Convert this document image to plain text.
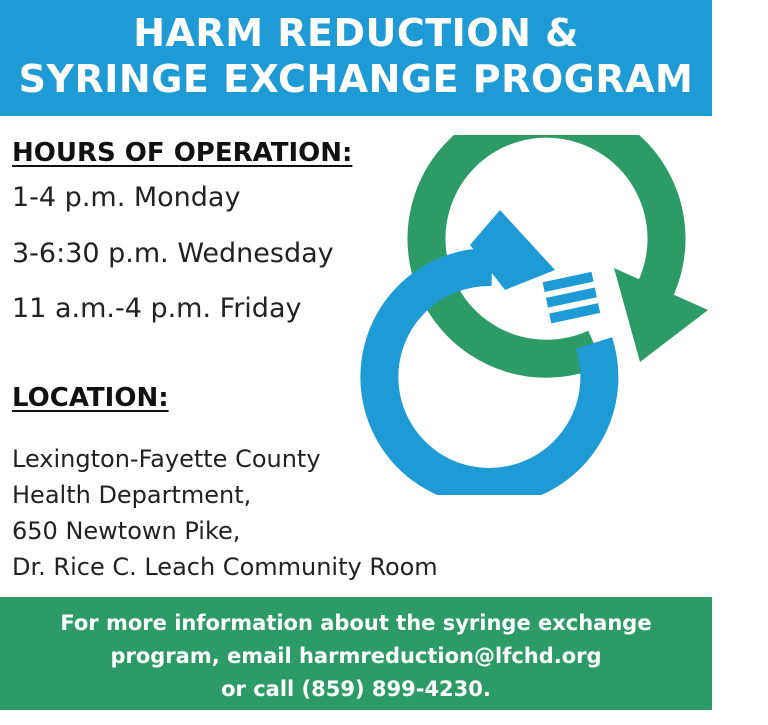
HARM REDUCTION &
SYRINGE EXCHANGE PROGRAM
HOURS OF OPERATION:
1-4 p.m. Monday
3-6:30 p.m. Wednesday
11 a.m.-4 p.m. Friday
LOCATION:
Lexington-Fayette County
Health Department,
650 Newtown Pike,
Dr. Rice C. Leach Community Room
For more information about the syringe exchange
program, email harmreduction@lfchd.org
or call (859) 899-4230.
